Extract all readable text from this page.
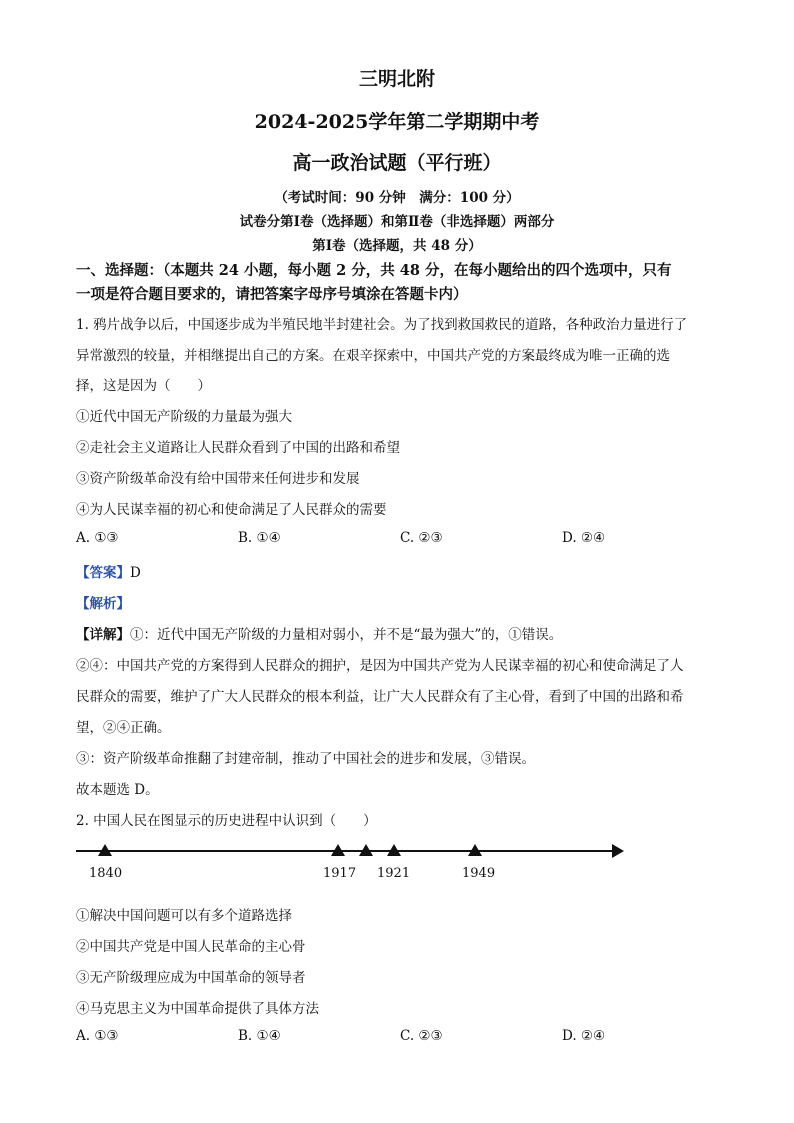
三明北附
2024-2025学年第二学期期中考
高一政治试题（平行班）
（考试时间：90 分钟　满分：100 分）
试卷分第Ⅰ卷（选择题）和第Ⅱ卷（非选择题）两部分
第Ⅰ卷（选择题，共 48 分）
一、选择题：（本题共 24 小题，每小题 2 分，共 48 分，在每小题给出的四个选项中，只有
一项是符合题目要求的，请把答案字母序号填涂在答题卡内）
1. 鸦片战争以后，中国逐步成为半殖民地半封建社会。为了找到救国救民的道路，各种政治力量进行了
异常激烈的较量，并相继提出自己的方案。在艰辛探索中，中国共产党的方案最终成为唯一正确的选
择，这是因为（　　）
①近代中国无产阶级的力量最为强大
②走社会主义道路让人民群众看到了中国的出路和希望
③资产阶级革命没有给中国带来任何进步和发展
④为人民谋幸福的初心和使命满足了人民群众的需要
A. ①③	B. ①④	C. ②③	D. ②④
【答案】D
【解析】
【详解】①：近代中国无产阶级的力量相对弱小，并不是“最为强大”的，①错误。
②④：中国共产党的方案得到人民群众的拥护，是因为中国共产党为人民谋幸福的初心和使命满足了人
民群众的需要，维护了广大人民群众的根本利益，让广大人民群众有了主心骨，看到了中国的出路和希
望，②④正确。
③：资产阶级革命推翻了封建帝制，推动了中国社会的进步和发展，③错误。
故本题选 D。
2. 中国人民在图显示的历史进程中认识到（　　）
1840	1917 1921	1949
①解决中国问题可以有多个道路选择
②中国共产党是中国人民革命的主心骨
③无产阶级理应成为中国革命的领导者
④马克思主义为中国革命提供了具体方法
A. ①③	B. ①④	C. ②③	D. ②④
